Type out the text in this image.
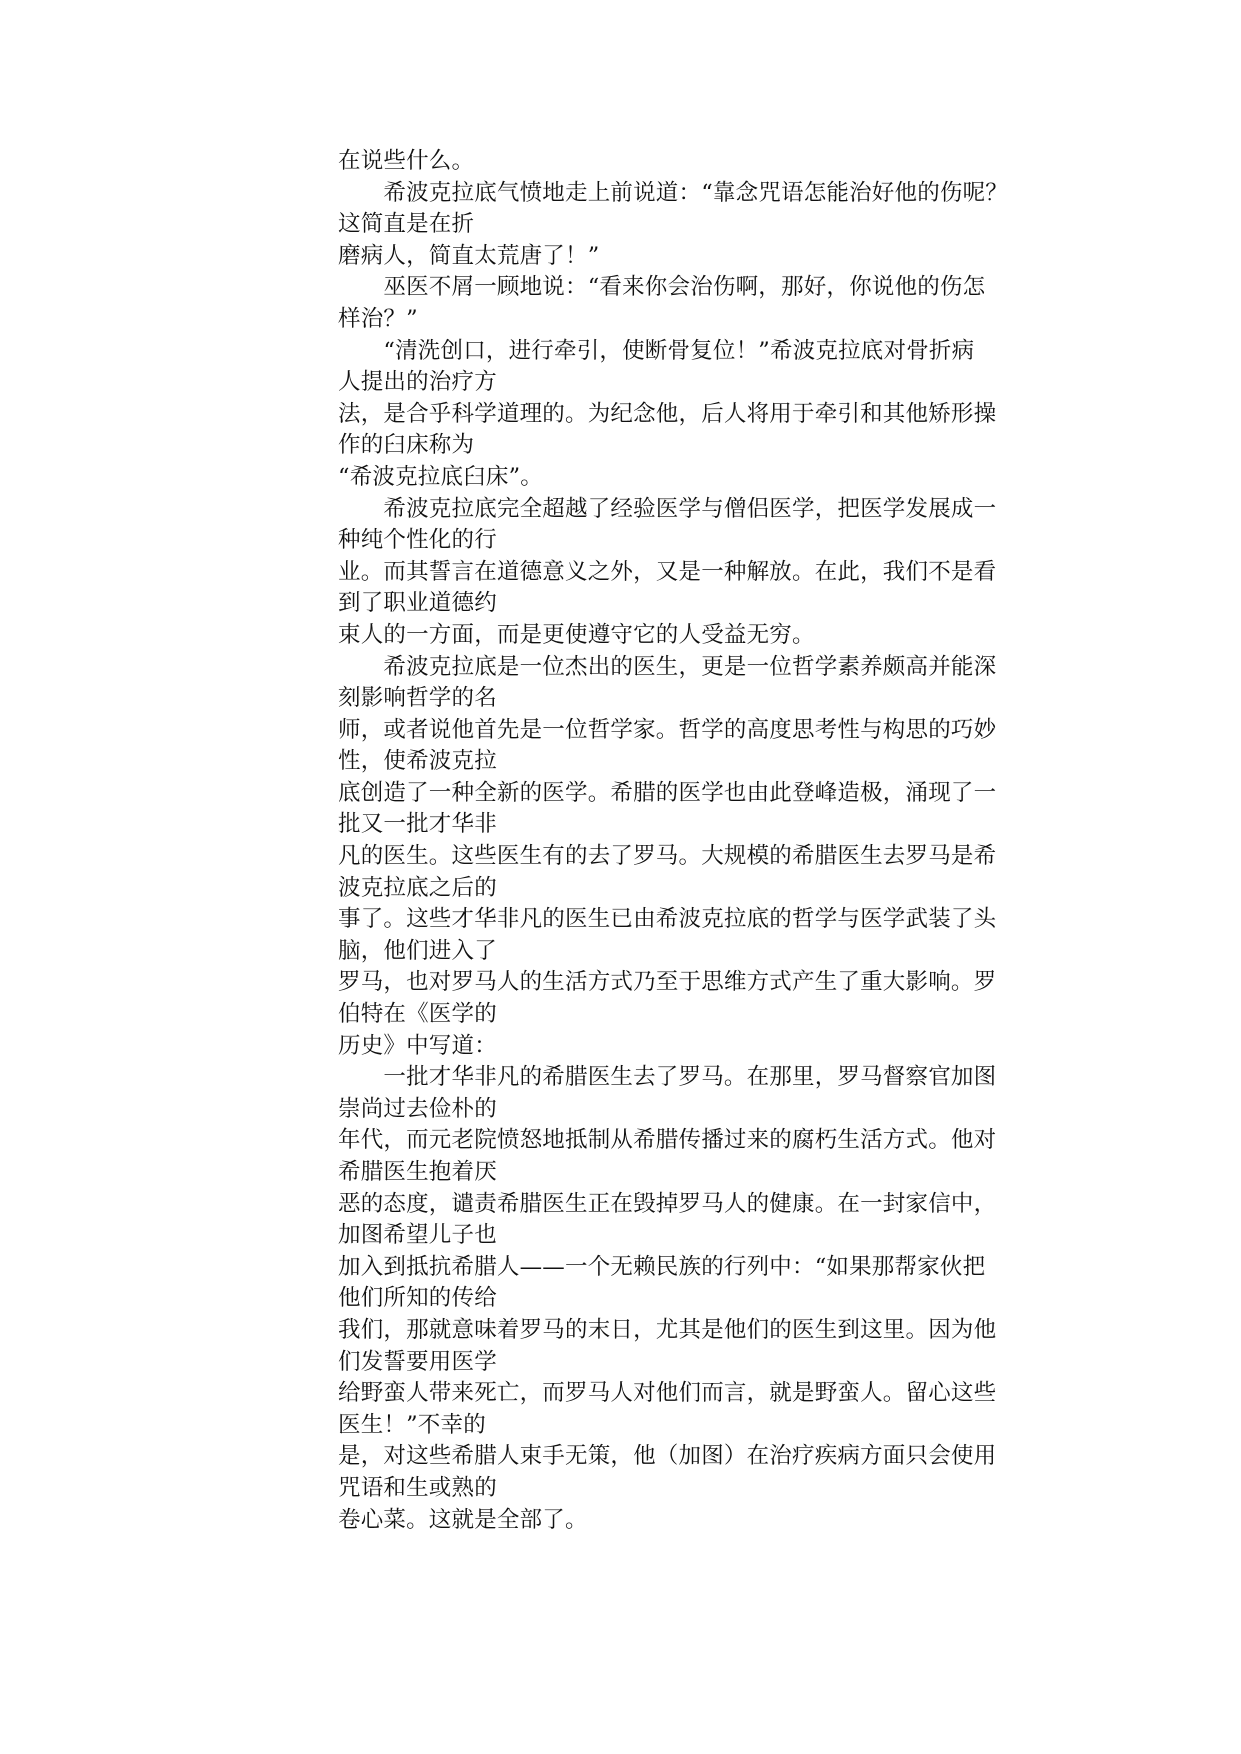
在说些什么。
　　希波克拉底气愤地走上前说道：“靠念咒语怎能治好他的伤呢？
这简直是在折
磨病人，简直太荒唐了！”
　　巫医不屑一顾地说：“看来你会治伤啊，那好，你说他的伤怎
样治？”
　　“清洗创口，进行牵引，使断骨复位！”希波克拉底对骨折病
人提出的治疗方
法，是合乎科学道理的。为纪念他，后人将用于牵引和其他矫形操
作的臼床称为
“希波克拉底臼床”。
　　希波克拉底完全超越了经验医学与僧侣医学，把医学发展成一
种纯个性化的行
业。而其誓言在道德意义之外，又是一种解放。在此，我们不是看
到了职业道德约
束人的一方面，而是更使遵守它的人受益无穷。
　　希波克拉底是一位杰出的医生，更是一位哲学素养颇高并能深
刻影响哲学的名
师，或者说他首先是一位哲学家。哲学的高度思考性与构思的巧妙
性，使希波克拉
底创造了一种全新的医学。希腊的医学也由此登峰造极，涌现了一
批又一批才华非
凡的医生。这些医生有的去了罗马。大规模的希腊医生去罗马是希
波克拉底之后的
事了。这些才华非凡的医生已由希波克拉底的哲学与医学武装了头
脑，他们进入了
罗马，也对罗马人的生活方式乃至于思维方式产生了重大影响。罗
伯特在《医学的
历史》中写道：
　　一批才华非凡的希腊医生去了罗马。在那里，罗马督察官加图
崇尚过去俭朴的
年代，而元老院愤怒地抵制从希腊传播过来的腐朽生活方式。他对
希腊医生抱着厌
恶的态度，谴责希腊医生正在毁掉罗马人的健康。在一封家信中，
加图希望儿子也
加入到抵抗希腊人——一个无赖民族的行列中：“如果那帮家伙把
他们所知的传给
我们，那就意味着罗马的末日，尤其是他们的医生到这里。因为他
们发誓要用医学
给野蛮人带来死亡，而罗马人对他们而言，就是野蛮人。留心这些
医生！”不幸的
是，对这些希腊人束手无策，他（加图）在治疗疾病方面只会使用
咒语和生或熟的
卷心菜。这就是全部了。
